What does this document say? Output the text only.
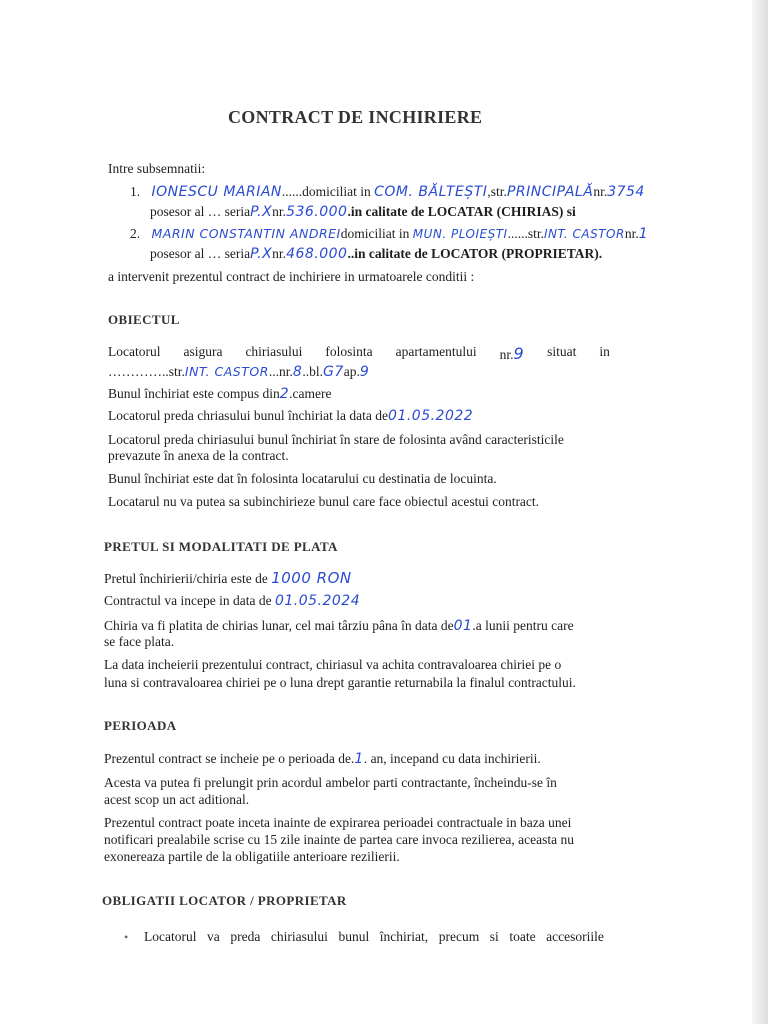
CONTRACT DE INCHIRIERE
Intre subsemnatii:
1. IONESCU MARIAN......domiciliat in COM. BĂLTEȘTI,str.PRINCIPALĂnr.3754
posesor al … seriaP.Xnr.536.000.in calitate de LOCATAR (CHIRIAS) si
2. MARIN CONSTANTIN ANDREIdomiciliat in MUN. PLOIEȘTI......str.INT. CASTORnr.1
posesor al … seriaP.Xnr.468.000..in calitate de LOCATOR (PROPRIETAR).
a intervenit prezentul contract de inchiriere in urmatoarele conditii :
OBIECTUL
Locatorul asigura chiriasului folosinta apartamentului nr.9 situat in
…………..str.INT. CASTOR...nr.8..bl.G7ap.9
Bunul închiriat este compus din2.camere
Locatorul preda chriasului bunul închiriat la data de01.05.2022
Locatorul preda chiriasului bunul închiriat în stare de folosinta având caracteristicile
prevazute în anexa de la contract.
Bunul închiriat este dat în folosinta locatarului cu destinatia de locuinta.
Locatarul nu va putea sa subinchirieze bunul care face obiectul acestui contract.
PRETUL SI MODALITATI DE PLATA
Pretul închirierii/chiria este de 1000 RON
Contractul va incepe in data de 01.05.2024
Chiria va fi platita de chirias lunar, cel mai târziu pâna în data de01.a lunii pentru care
se face plata.
La data incheierii prezentului contract, chiriasul va achita contravaloarea chiriei pe o
luna si contravaloarea chiriei pe o luna drept garantie returnabila la finalul contractului.
PERIOADA
Prezentul contract se incheie pe o perioada de.1. an, incepand cu data inchirierii.
Acesta va putea fi prelungit prin acordul ambelor parti contractante, încheindu-se în
acest scop un act aditional.
Prezentul contract poate inceta inainte de expirarea perioadei contractuale in baza unei
notificari prealabile scrise cu 15 zile inainte de partea care invoca rezilierea, aceasta nu
exonereaza partile de la obligatiile anterioare rezilierii.
OBLIGATII LOCATOR / PROPRIETAR
• Locatorul va preda chiriasului bunul închiriat, precum si toate accesoriile
